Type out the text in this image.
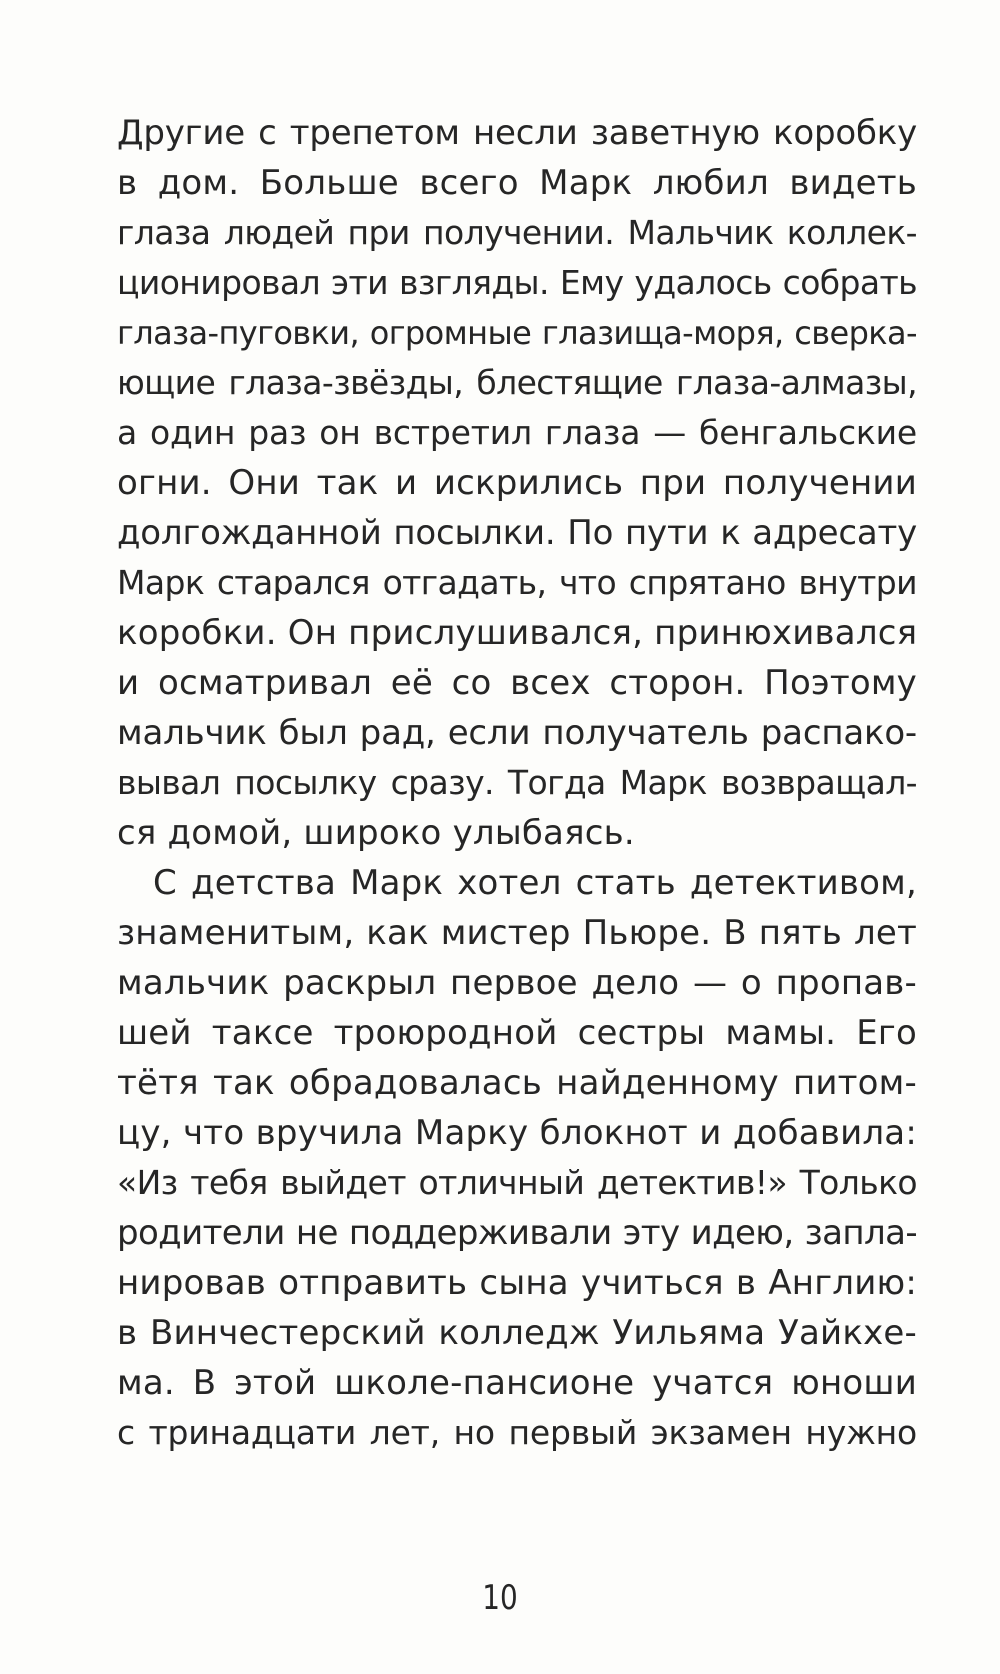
Другие с трепетом несли заветную коробку
в дом. Больше всего Марк любил видеть
глаза людей при получении. Мальчик коллек-
ционировал эти взгляды. Ему удалось собрать
глаза-пуговки, огромные глазища-моря, сверка-
ющие глаза-звёзды, блестящие глаза-алмазы,
а один раз он встретил глаза — бенгальские
огни. Они так и искрились при получении
долгожданной посылки. По пути к адресату
Марк старался отгадать, что спрятано внутри
коробки. Он прислушивался, принюхивался
и осматривал её со всех сторон. Поэтому
мальчик был рад, если получатель распако-
вывал посылку сразу. Тогда Марк возвращал-
ся домой, широко улыбаясь.
С детства Марк хотел стать детективом,
знаменитым, как мистер Пьюре. В пять лет
мальчик раскрыл первое дело — о пропав-
шей таксе троюродной сестры мамы. Его
тётя так обрадовалась найденному питом-
цу, что вручила Марку блокнот и добавила:
«Из тебя выйдет отличный детектив!» Только
родители не поддерживали эту идею, запла-
нировав отправить сына учиться в Англию:
в Винчестерский колледж Уильяма Уайкхе-
ма. В этой школе-пансионе учатся юноши
с тринадцати лет, но первый экзамен нужно
10
